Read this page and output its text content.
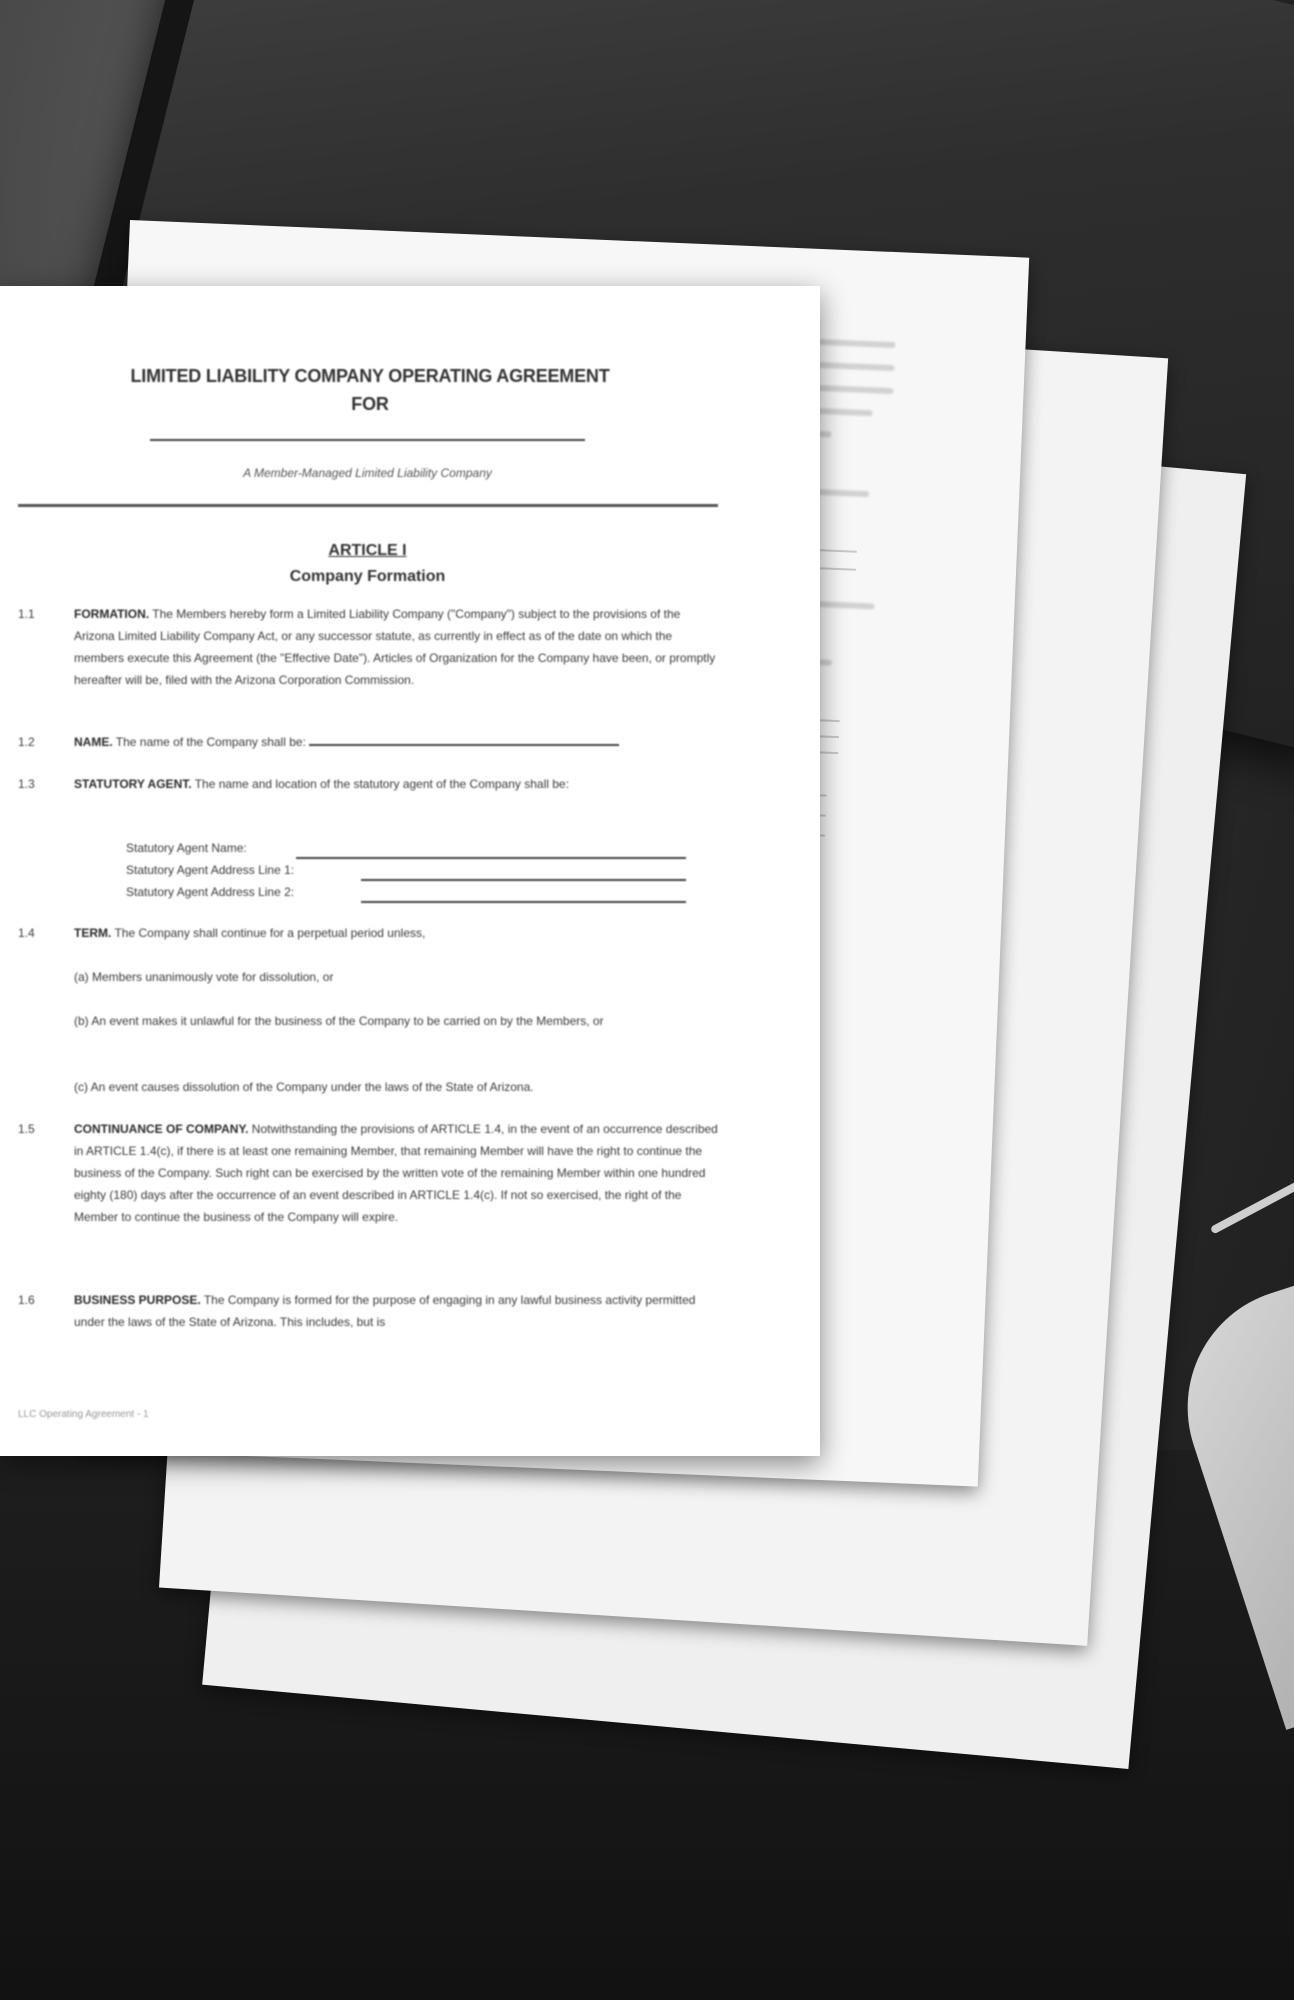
LIMITED LIABILITY COMPANY OPERATING AGREEMENT
FOR
A Member-Managed Limited Liability Company
ARTICLE I
Company Formation
1.1	FORMATION. The Members hereby form a Limited Liability Company ("Company") subject to the provisions of the Arizona Limited Liability Company Act, or any successor statute, as currently in effect as of the date on which the members execute this Agreement (the "Effective Date"). Articles of Organization for the Company have been, or promptly hereafter will be, filed with the Arizona Corporation Commission.
1.2	NAME. The name of the Company shall be:
1.3	STATUTORY AGENT. The name and location of the statutory agent of the Company shall be:
Statutory Agent Name:
Statutory Agent Address Line 1:
Statutory Agent Address Line 2:
1.4	TERM. The Company shall continue for a perpetual period unless,
(a) Members unanimously vote for dissolution, or
(b) An event makes it unlawful for the business of the Company to be carried on by the Members, or
(c) An event causes dissolution of the Company under the laws of the State of Arizona.
1.5	CONTINUANCE OF COMPANY. Notwithstanding the provisions of ARTICLE 1.4, in the event of an occurrence described in ARTICLE 1.4(c), if there is at least one remaining Member, that remaining Member will have the right to continue the business of the Company. Such right can be exercised by the written vote of the remaining Member within one hundred eighty (180) days after the occurrence of an event described in ARTICLE 1.4(c). If not so exercised, the right of the Member to continue the business of the Company will expire.
1.6	BUSINESS PURPOSE. The Company is formed for the purpose of engaging in any lawful business activity permitted under the laws of the State of Arizona. This includes, but is
LLC Operating Agreement - 1
